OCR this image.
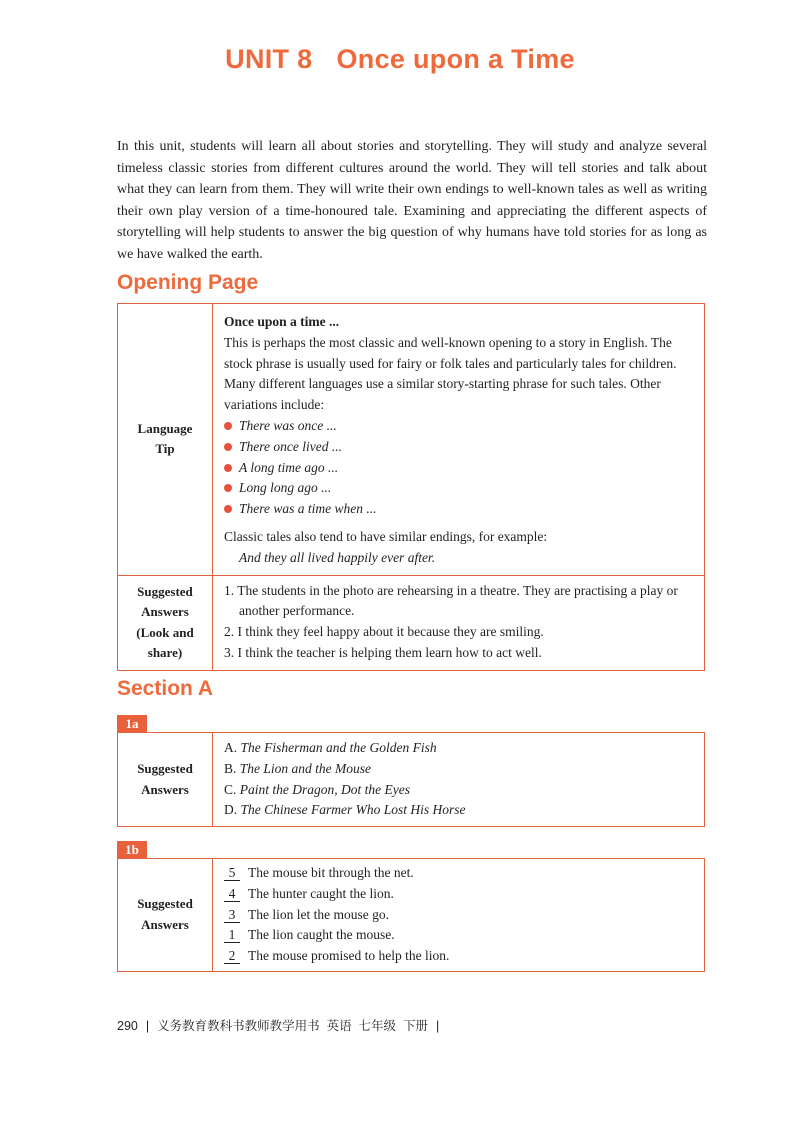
UNIT 8 Once upon a Time

In this unit, students will learn all about stories and storytelling. They will study and analyze several timeless classic stories from different cultures around the world. They will tell stories and talk about what they can learn from them. They will write their own endings to well-known tales as well as writing their own play version of a time-honoured tale. Examining and appreciating the different aspects of storytelling will help students to answer the big question of why humans have told stories for as long as we have walked the earth.

Opening Page
Language
Tip
Once upon a time ...
This is perhaps the most classic and well-known opening to a story in English. The stock phrase is usually used for fairy or folk tales and particularly tales for children. Many different languages use a similar story-starting phrase for such tales. Other variations include:
There was once ...
There once lived ...
A long time ago ...
Long long ago ...
There was a time when ...
Classic tales also tend to have similar endings, for example:
And they all lived happily ever after.
Suggested
Answers
(Look and
share)
1. The students in the photo are rehearsing in a theatre. They are practising a play or another performance.
2. I think they feel happy about it because they are smiling.
3. I think the teacher is helping them learn how to act well.
Section A
1a
Suggested
Answers
A. The Fisherman and the Golden Fish
B. The Lion and the Mouse
C. Paint the Dragon, Dot the Eyes
D. The Chinese Farmer Who Lost His Horse
1b
Suggested
Answers
5 The mouse bit through the net.
4 The hunter caught the lion.
3 The lion let the mouse go.
1 The lion caught the mouse.
2 The mouse promised to help the lion.
290 | 义务教育教科书教师教学用书 英语 七年级 下册 |
